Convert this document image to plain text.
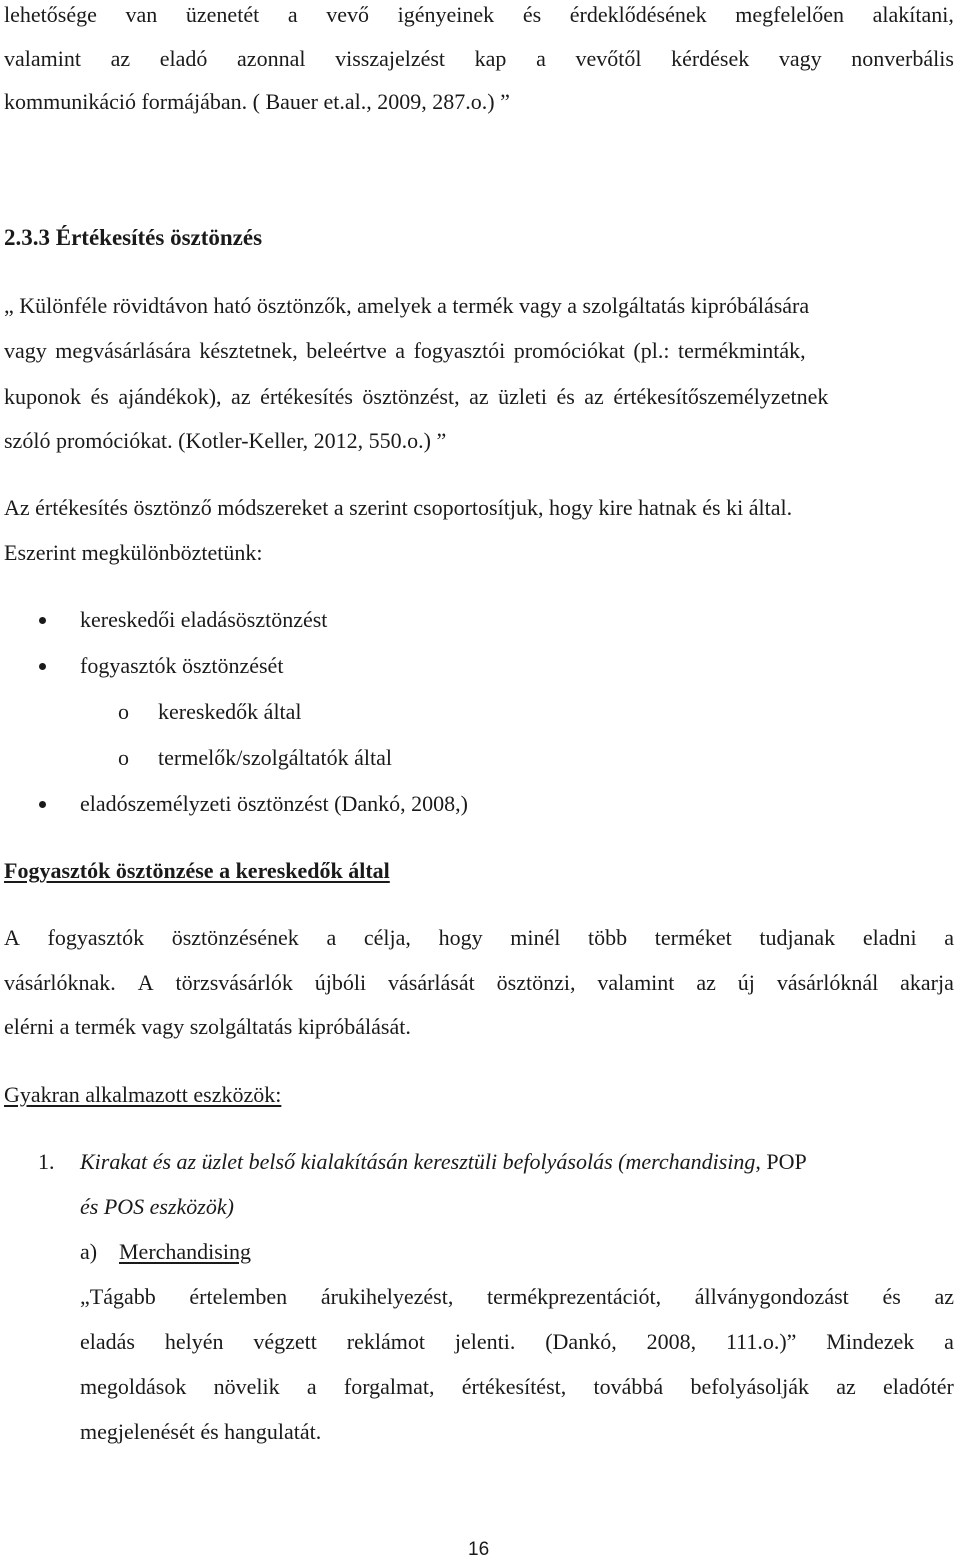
lehetősége van üzenetét a vevő igényeinek és érdeklődésének megfelelően alakítani,
valamint az eladó azonnal visszajelzést kap a vevőtől kérdések vagy nonverbális
kommunikáció formájában. ( Bauer et.al., 2009, 287.o.) ”
2.3.3 Értékesítés ösztönzés
„ Különféle rövidtávon ható ösztönzők, amelyek a termék vagy a szolgáltatás kipróbálására
vagy megvásárlására késztetnek, beleértve a fogyasztói promóciókat (pl.: termékminták,
kuponok és ajándékok), az értékesítés ösztönzést, az üzleti és az értékesítőszemélyzetnek
szóló promóciókat. (Kotler-Keller, 2012, 550.o.) ”
Az értékesítés ösztönző módszereket a szerint csoportosítjuk, hogy kire hatnak és ki által.
Eszerint megkülönböztetünk:
kereskedői eladásösztönzést
fogyasztók ösztönzését
o kereskedők által
o termelők/szolgáltatók által
eladószemélyzeti ösztönzést (Dankó, 2008,)
Fogyasztók ösztönzése a kereskedők által
A fogyasztók ösztönzésének a célja, hogy minél több terméket tudjanak eladni a
vásárlóknak. A törzsvásárlók újbóli vásárlását ösztönzi, valamint az új vásárlóknál akarja
elérni a termék vagy szolgáltatás kipróbálását.
Gyakran alkalmazott eszközök:
1. Kirakat és az üzlet belső kialakításán keresztüli befolyásolás (merchandising, POP
és POS eszközök)
a) Merchandising
„Tágabb értelemben árukihelyezést, termékprezentációt, állványgondozást és az
eladás helyén végzett reklámot jelenti. (Dankó, 2008, 111.o.)” Mindezek a
megoldások növelik a forgalmat, értékesítést, továbbá befolyásolják az eladótér
megjelenését és hangulatát.
16
